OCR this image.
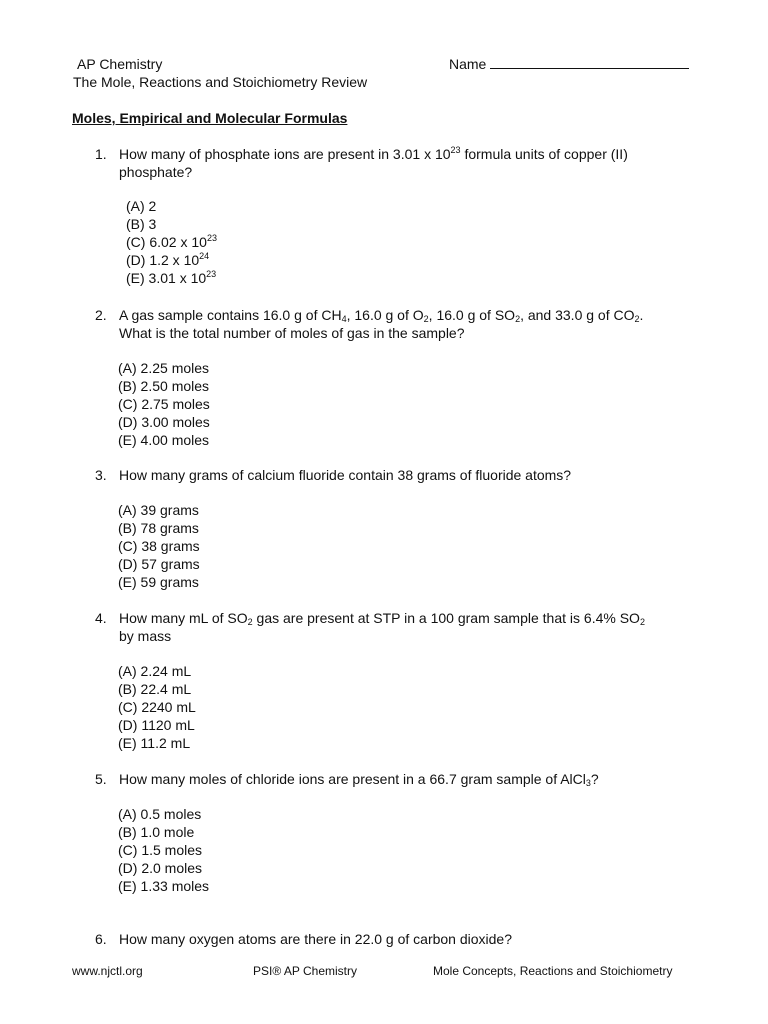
AP Chemistry
The Mole, Reactions and Stoichiometry Review
Name
Moles, Empirical and Molecular Formulas
1. How many of phosphate ions are present in 3.01 x $10^{23}$ formula units of copper (II)
phosphate?
(A) 2
(B) 3
(C) 6.02 x $10^{23}$
(D) 1.2 x $10^{24}$
(E) 3.01 x $10^{23}$
2. A gas sample contains 16.0 g of $CH_4$, 16.0 g of $O_2$, 16.0 g of $SO_2$, and 33.0 g of $CO_2$.
What is the total number of moles of gas in the sample?
(A) 2.25 moles
(B) 2.50 moles
(C) 2.75 moles
(D) 3.00 moles
(E) 4.00 moles
3. How many grams of calcium fluoride contain 38 grams of fluoride atoms?
(A) 39 grams
(B) 78 grams
(C) 38 grams
(D) 57 grams
(E) 59 grams
4. How many mL of $SO_2$ gas are present at STP in a 100 gram sample that is 6.4% $SO_2$
by mass
(A) 2.24 mL
(B) 22.4 mL
(C) 2240 mL
(D) 1120 mL
(E) 11.2 mL
5. How many moles of chloride ions are present in a 66.7 gram sample of AlCl$_3$?
(A) 0.5 moles
(B) 1.0 mole
(C) 1.5 moles
(D) 2.0 moles
(E) 1.33 moles
6. How many oxygen atoms are there in 22.0 g of carbon dioxide?
www.njctl.org	PSI® AP Chemistry	Mole Concepts, Reactions and Stoichiometry
